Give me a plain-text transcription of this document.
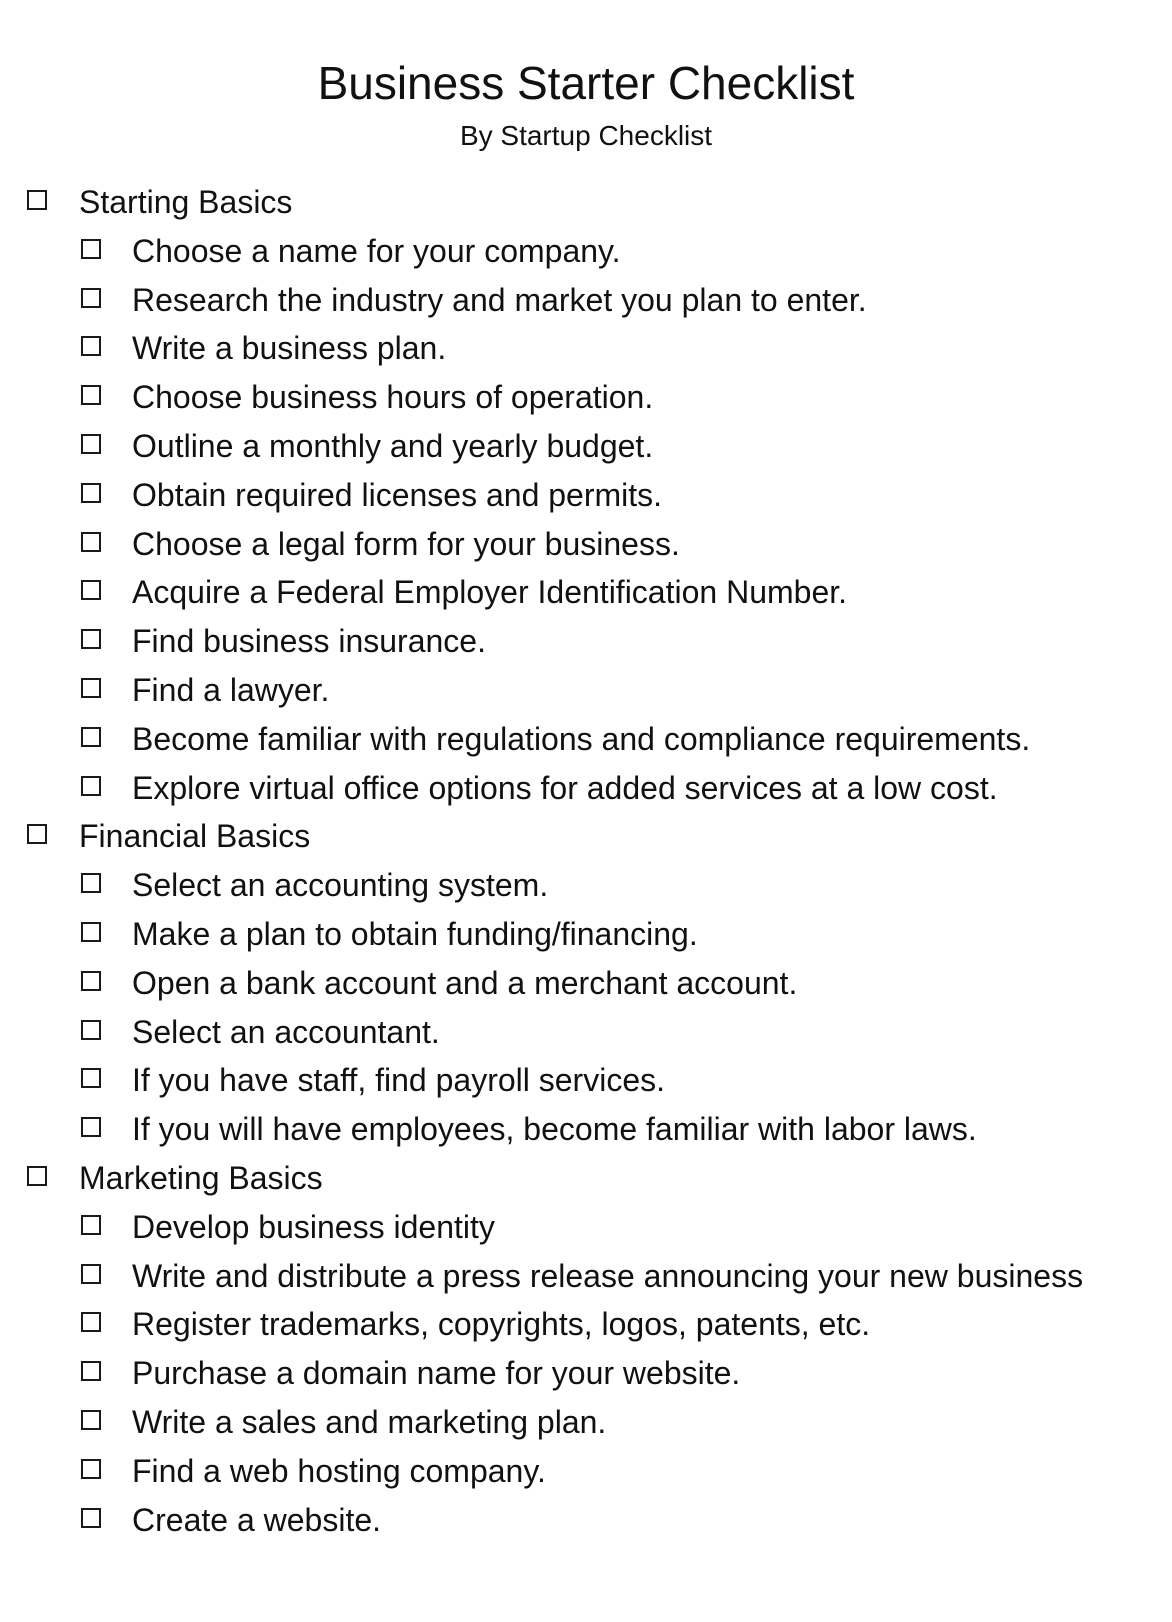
Business Starter Checklist
By Startup Checklist
Starting Basics
Choose a name for your company.
Research the industry and market you plan to enter.
Write a business plan.
Choose business hours of operation.
Outline a monthly and yearly budget.
Obtain required licenses and permits.
Choose a legal form for your business.
Acquire a Federal Employer Identification Number.
Find business insurance.
Find a lawyer.
Become familiar with regulations and compliance requirements.
Explore virtual office options for added services at a low cost.
Financial Basics
Select an accounting system.
Make a plan to obtain funding/financing.
Open a bank account and a merchant account.
Select an accountant.
If you have staff, find payroll services.
If you will have employees, become familiar with labor laws.
Marketing Basics
Develop business identity
Write and distribute a press release announcing your new business
Register trademarks, copyrights, logos, patents, etc.
Purchase a domain name for your website.
Write a sales and marketing plan.
Find a web hosting company.
Create a website.
